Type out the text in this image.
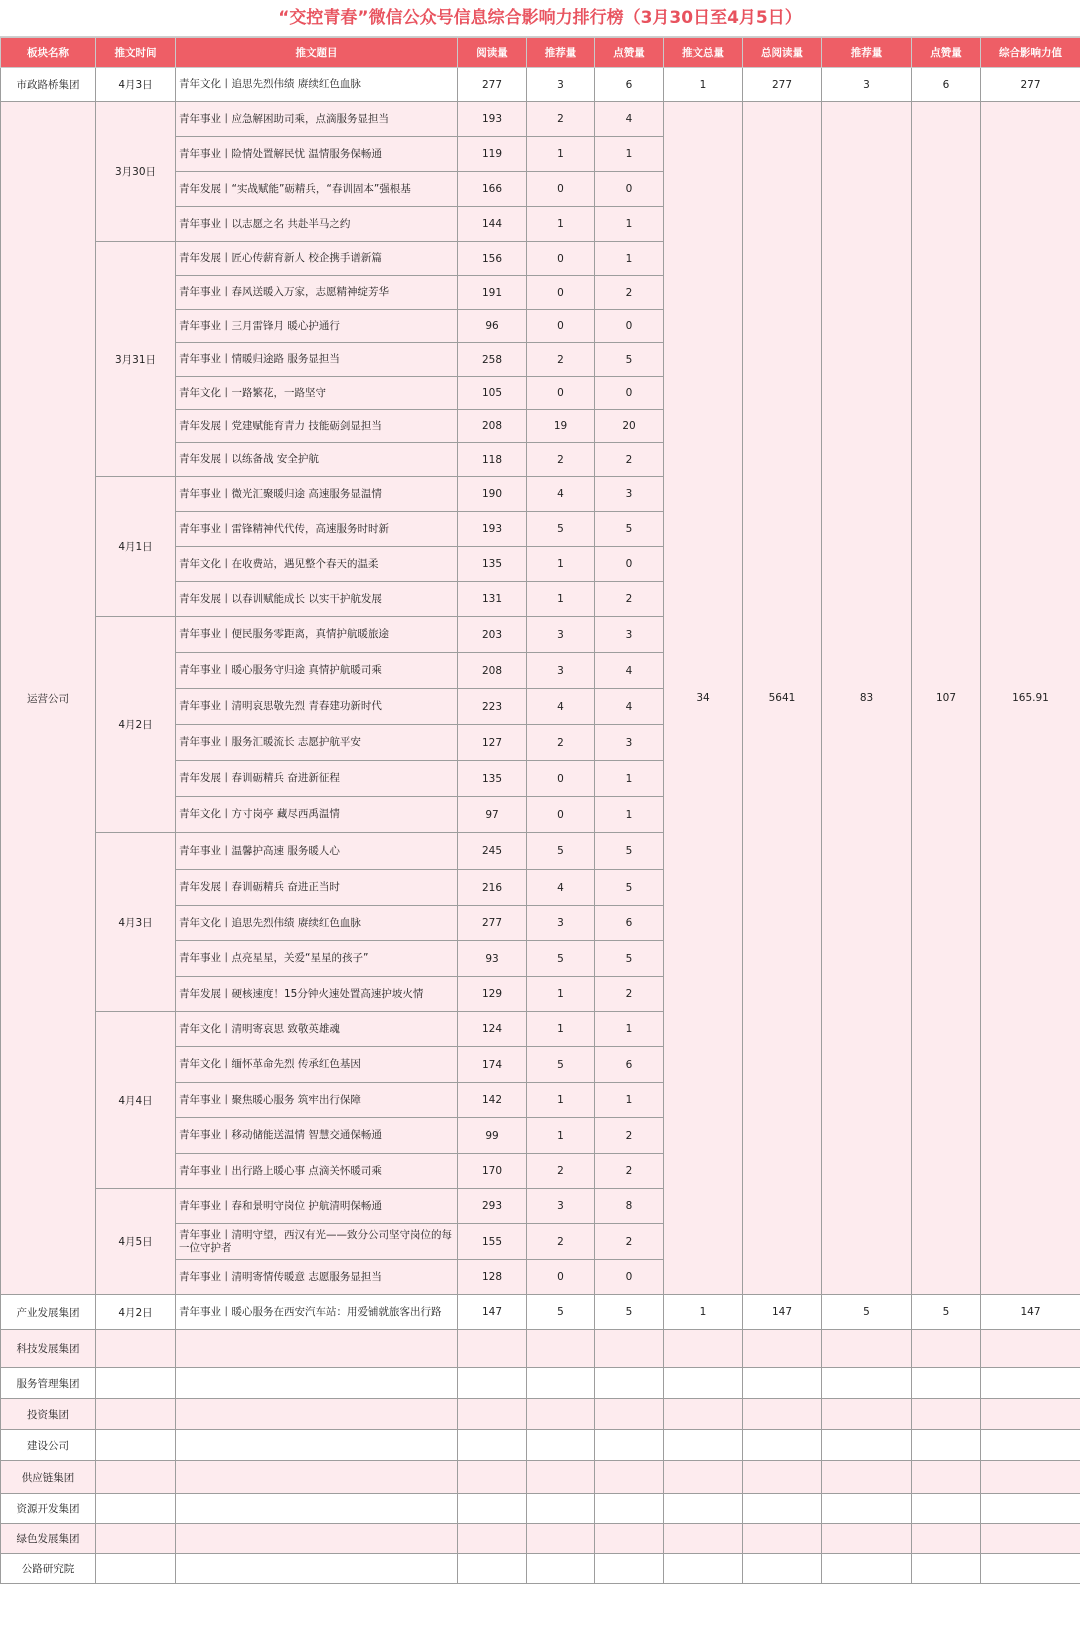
“交控青春”微信公众号信息综合影响力排行榜（3月30日至4月5日）
板块名称	推文时间	推文题目	阅读量	推荐量	点赞量	推文总量	总阅读量	推荐量	点赞量	综合影响力值
市政路桥集团	4月3日	青年文化丨追思先烈伟绩 赓续红色血脉	277	3	6	1	277	3	6	277
运营公司	3月30日	青年事业丨应急解困助司乘，点滴服务显担当	193	2	4	34	5641	83	107	165.91
		青年事业丨险情处置解民忧 温情服务保畅通	119	1	1					
		青年发展丨“实战赋能”砺精兵，“春训固本”强根基	166	0	0					
		青年事业丨以志愿之名 共赴半马之约	144	1	1					
	3月31日	青年发展丨匠心传薪育新人 校企携手谱新篇	156	0	1					
		青年事业丨春风送暖入万家，志愿精神绽芳华	191	0	2					
		青年事业丨三月雷锋月 暖心护通行	96	0	0					
		青年事业丨情暖归途路 服务显担当	258	2	5					
		青年文化丨一路繁花，一路坚守	105	0	0					
		青年发展丨党建赋能育青力 技能砺剑显担当	208	19	20					
		青年发展丨以练备战 安全护航	118	2	2					
	4月1日	青年事业丨微光汇聚暖归途 高速服务显温情	190	4	3					
		青年事业丨雷锋精神代代传，高速服务时时新	193	5	5					
		青年文化丨在收费站，遇见整个春天的温柔	135	1	0					
		青年发展丨以春训赋能成长 以实干护航发展	131	1	2					
	4月2日	青年事业丨便民服务零距离，真情护航暖旅途	203	3	3					
		青年事业丨暖心服务守归途 真情护航暖司乘	208	3	4					
		青年事业丨清明哀思敬先烈 青春建功新时代	223	4	4					
		青年事业丨服务汇暖流长 志愿护航平安	127	2	3					
		青年发展丨春训砺精兵 奋进新征程	135	0	1					
		青年文化丨方寸岗亭 藏尽西禹温情	97	0	1					
	4月3日	青年事业丨温馨护高速 服务暖人心	245	5	5					
		青年发展丨春训砺精兵 奋进正当时	216	4	5					
		青年文化丨追思先烈伟绩 赓续红色血脉	277	3	6					
		青年事业丨点亮星星，关爱“星星的孩子”	93	5	5					
		青年发展丨硬核速度！15分钟火速处置高速护坡火情	129	1	2					
	4月4日	青年文化丨清明寄哀思 致敬英雄魂	124	1	1					
		青年文化丨缅怀革命先烈 传承红色基因	174	5	6					
		青年事业丨聚焦暖心服务 筑牢出行保障	142	1	1					
		青年事业丨移动储能送温情 智慧交通保畅通	99	1	2					
		青年事业丨出行路上暖心事 点滴关怀暖司乘	170	2	2					
	4月5日	青年事业丨春和景明守岗位 护航清明保畅通	293	3	8					
		青年事业丨清明守望，西汉有光——致分公司坚守岗位的每一位守护者	155	2	2					
		青年事业丨清明寄情传暖意 志愿服务显担当	128	0	0					
产业发展集团	4月2日	青年事业丨暖心服务在西安汽车站：用爱铺就旅客出行路	147	5	5	1	147	5	5	147
科技发展集团										
服务管理集团										
投资集团										
建设公司										
供应链集团										
资源开发集团										
绿色发展集团										
公路研究院										
